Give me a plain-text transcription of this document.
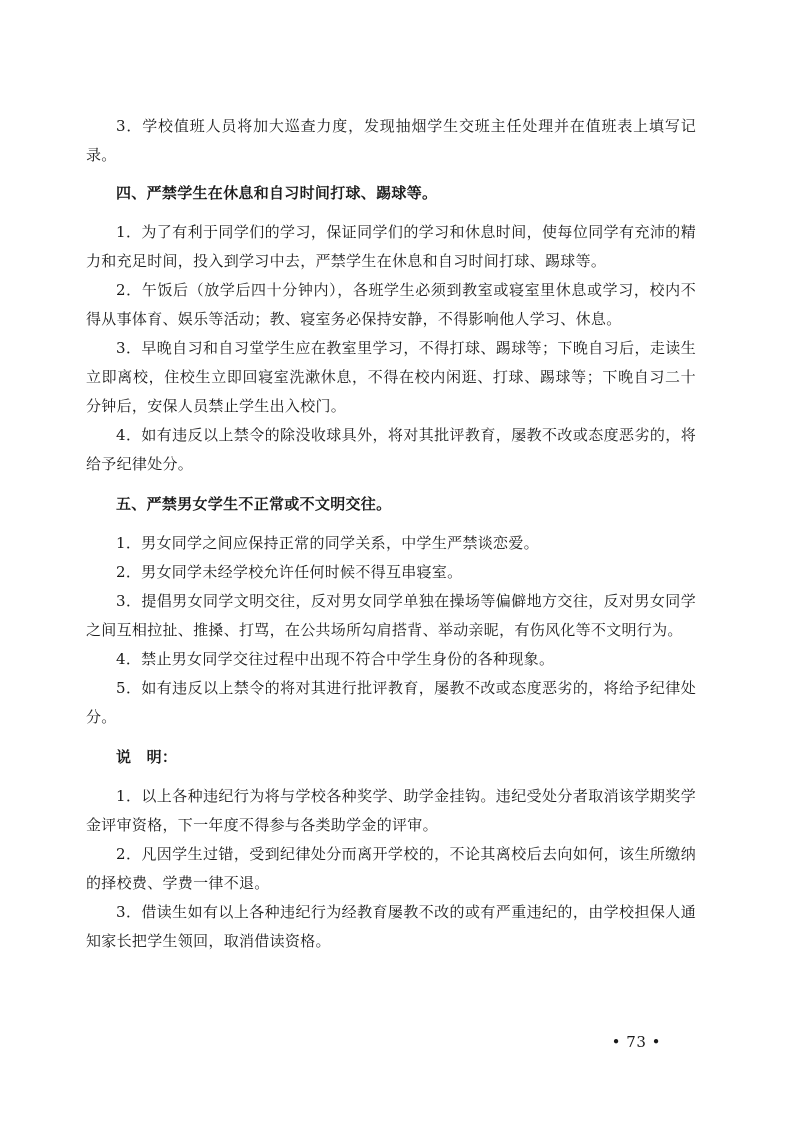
3．学校值班人员将加大巡查力度，发现抽烟学生交班主任处理并在值班表上填写记录。

四、严禁学生在休息和自习时间打球、踢球等。

1．为了有利于同学们的学习，保证同学们的学习和休息时间，使每位同学有充沛的精力和充足时间，投入到学习中去，严禁学生在休息和自习时间打球、踢球等。

2．午饭后（放学后四十分钟内），各班学生必须到教室或寝室里休息或学习，校内不得从事体育、娱乐等活动；教、寝室务必保持安静，不得影响他人学习、休息。

3．早晚自习和自习堂学生应在教室里学习，不得打球、踢球等；下晚自习后，走读生立即离校，住校生立即回寝室洗漱休息，不得在校内闲逛、打球、踢球等；下晚自习二十分钟后，安保人员禁止学生出入校门。

4．如有违反以上禁令的除没收球具外，将对其批评教育，屡教不改或态度恶劣的，将给予纪律处分。

五、严禁男女学生不正常或不文明交往。

1．男女同学之间应保持正常的同学关系，中学生严禁谈恋爱。

2．男女同学未经学校允许任何时候不得互串寝室。

3．提倡男女同学文明交往，反对男女同学单独在操场等偏僻地方交往，反对男女同学之间互相拉扯、推搡、打骂，在公共场所勾肩搭背、举动亲昵，有伤风化等不文明行为。

4．禁止男女同学交往过程中出现不符合中学生身份的各种现象。

5．如有违反以上禁令的将对其进行批评教育，屡教不改或态度恶劣的，将给予纪律处分。

说　明：

1．以上各种违纪行为将与学校各种奖学、助学金挂钩。违纪受处分者取消该学期奖学金评审资格，下一年度不得参与各类助学金的评审。

2．凡因学生过错，受到纪律处分而离开学校的，不论其离校后去向如何，该生所缴纳的择校费、学费一律不退。

3．借读生如有以上各种违纪行为经教育屡教不改的或有严重违纪的，由学校担保人通知家长把学生领回，取消借读资格。

• 73 •
